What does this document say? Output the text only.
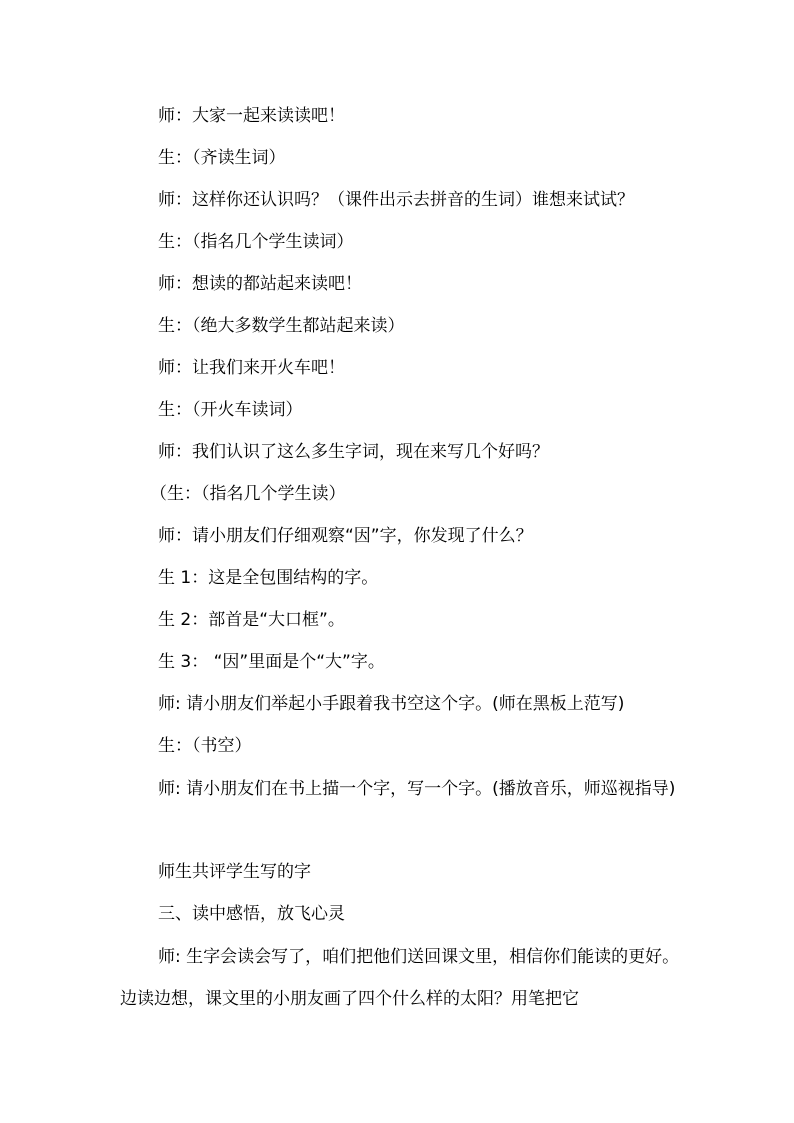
师：大家一起来读读吧！

生：（齐读生词）

师：这样你还认识吗？（课件出示去拼音的生词）谁想来试试？

生：（指名几个学生读词）

师：想读的都站起来读吧！

生：（绝大多数学生都站起来读）

师：让我们来开火车吧！

生：（开火车读词）

师：我们认识了这么多生字词，现在来写几个好吗？

（生：（指名几个学生读）

师：请小朋友们仔细观察“因”字，你发现了什么？

生 1：这是全包围结构的字。

生 2：部首是“大口框”。

生 3： “因”里面是个“大”字。

师: 请小朋友们举起小手跟着我书空这个字。(师在黑板上范写)

生：（书空）

师: 请小朋友们在书上描一个字，写一个字。(播放音乐，师巡视指导)

师生共评学生写的字

三、读中感悟，放飞心灵

师: 生字会读会写了，咱们把他们送回课文里，相信你们能读的更好。边读边想，课文里的小朋友画了四个什么样的太阳？用笔把它
